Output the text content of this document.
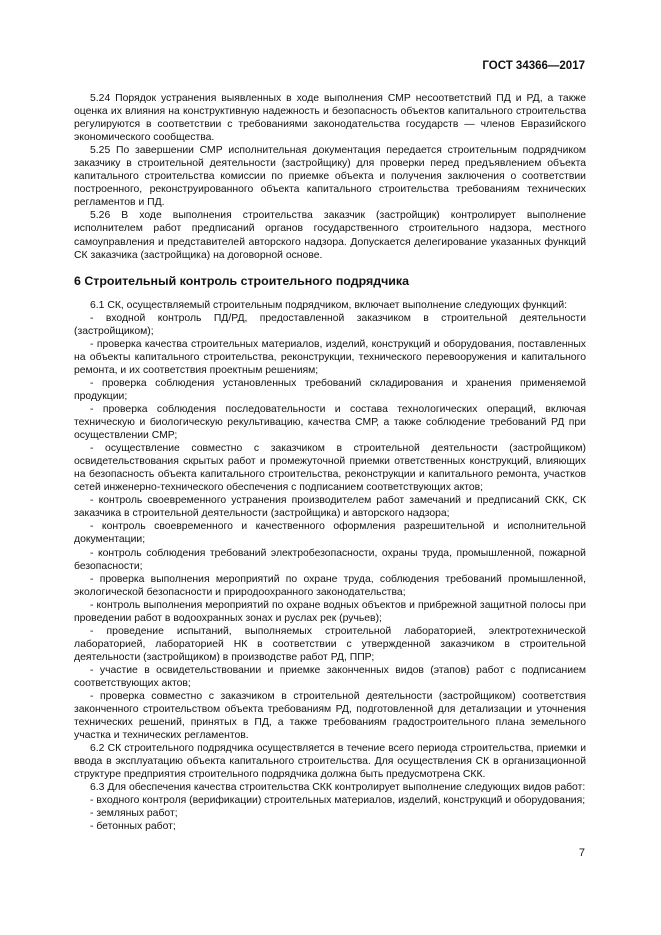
ГОСТ 34366—2017

5.24 Порядок устранения выявленных в ходе выполнения СМР несоответствий ПД и РД, а также оценка их влияния на конструктивную надежность и безопасность объектов капитального строительства регулируются в соответствии с требованиями законодательства государств — членов Евразийского экономического сообщества.

5.25 По завершении СМР исполнительная документация передается строительным подрядчиком заказчику в строительной деятельности (застройщику) для проверки перед предъявлением объекта капитального строительства комиссии по приемке объекта и получения заключения о соответствии построенного, реконструированного объекта капитального строительства требованиям технических регламентов и ПД.

5.26 В ходе выполнения строительства заказчик (застройщик) контролирует выполнение исполнителем работ предписаний органов государственного строительного надзора, местного самоуправления и представителей авторского надзора. Допускается делегирование указанных функций СК заказчика (застройщика) на договорной основе.

6 Строительный контроль строительного подрядчика

6.1 СК, осуществляемый строительным подрядчиком, включает выполнение следующих функций:

- входной контроль ПД/РД, предоставленной заказчиком в строительной деятельности (застройщиком);

- проверка качества строительных материалов, изделий, конструкций и оборудования, поставленных на объекты капитального строительства, реконструкции, технического перевооружения и капитального ремонта, и их соответствия проектным решениям;

- проверка соблюдения установленных требований складирования и хранения применяемой продукции;

- проверка соблюдения последовательности и состава технологических операций, включая техническую и биологическую рекультивацию, качества СМР, а также соблюдение требований РД при осуществлении СМР;

- осуществление совместно с заказчиком в строительной деятельности (застройщиком) освидетельствования скрытых работ и промежуточной приемки ответственных конструкций, влияющих на безопасность объекта капитального строительства, реконструкции и капитального ремонта, участков сетей инженерно-технического обеспечения с подписанием соответствующих актов;

- контроль своевременного устранения производителем работ замечаний и предписаний СКК, СК заказчика в строительной деятельности (застройщика) и авторского надзора;

- контроль своевременного и качественного оформления разрешительной и исполнительной документации;

- контроль соблюдения требований электробезопасности, охраны труда, промышленной, пожарной безопасности;

- проверка выполнения мероприятий по охране труда, соблюдения требований промышленной, экологической безопасности и природоохранного законодательства;

- контроль выполнения мероприятий по охране водных объектов и прибрежной защитной полосы при проведении работ в водоохранных зонах и руслах рек (ручьев);

- проведение испытаний, выполняемых строительной лабораторией, электротехнической лабораторией, лабораторией НК в соответствии с утвержденной заказчиком в строительной деятельности (застройщиком) в производстве работ РД, ППР;

- участие в освидетельствовании и приемке законченных видов (этапов) работ с подписанием соответствующих актов;

- проверка совместно с заказчиком в строительной деятельности (застройщиком) соответствия законченного строительством объекта требованиям РД, подготовленной для детализации и уточнения технических решений, принятых в ПД, а также требованиям градостроительного плана земельного участка и технических регламентов.

6.2 СК строительного подрядчика осуществляется в течение всего периода строительства, приемки и ввода в эксплуатацию объекта капитального строительства. Для осуществления СК в организационной структуре предприятия строительного подрядчика должна быть предусмотрена СКК.

6.3 Для обеспечения качества строительства СКК контролирует выполнение следующих видов работ:

- входного контроля (верификации) строительных материалов, изделий, конструкций и оборудования;

- земляных работ;

- бетонных работ;

7
